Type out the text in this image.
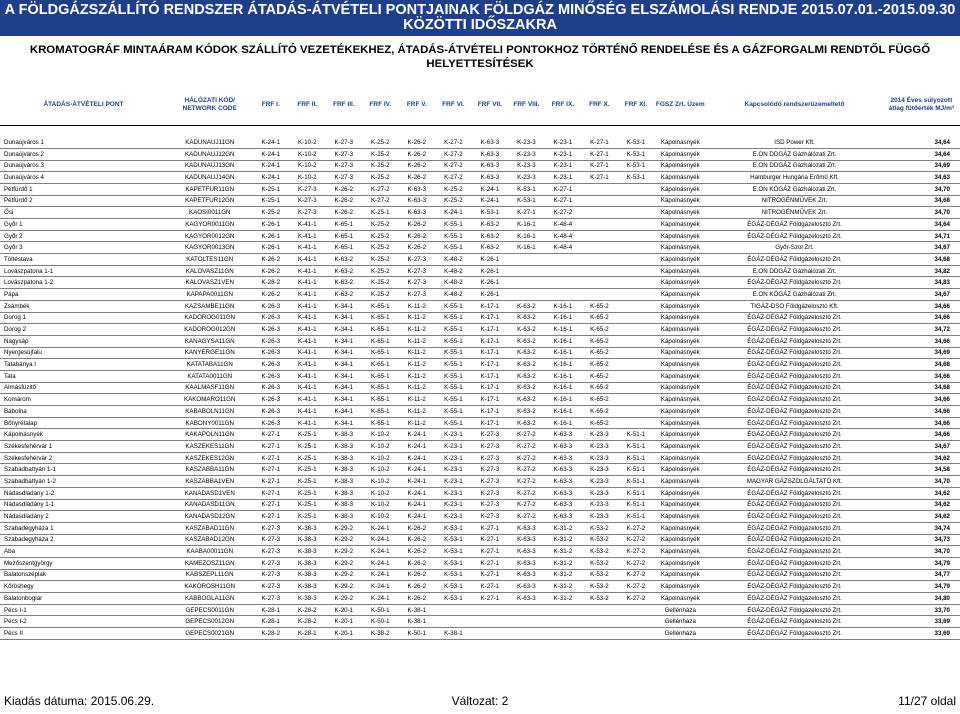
A FÖLDGÁZSZÁLLÍTÓ RENDSZER ÁTADÁS-ÁTVÉTELI PONTJAINAK FÖLDGÁZ MINŐSÉG ELSZÁMOLÁSI RENDJE 2015.07.01.-2015.09.30
KÖZÖTTI IDŐSZAKRA
KROMATOGRÁF MINTAÁRAM KÓDOK SZÁLLÍTÓ VEZETÉKEKHEZ, ÁTADÁS-ÁTVÉTELI PONTOKHOZ TÖRTÉNŐ RENDELÉSE ÉS A GÁZFORGALMI RENDTŐL FÜGGŐ
HELYETTESÍTÉSEK
ÁTADÁS-ÁTVÉTELI PONT	HÁLÓZATI KÓD/ NETWORK CODE	FRF I.	FRF II.	FRF III.	FRF IV.	FRF V.	FRF VI.	FRF VII.	FRF VIII.	FRF IX.	FRF X.	FRF XI.	FGSZ Zrt. Üzem	Kapcsolódó rendszerüzemeltető	2014 Éves súlyozott átlag fűtőérték MJ/m³

Dunaújváros 1	KADUNAUJ11GN	K-24-1	K-10-2	K-27-3	K-25-2	K-26-2	K-27-2	K-63-3	K-23-3	K-23-1	K-27-1	K-53-1	Kápolnásnyék	ISD Power Kft.	34,64
Dunaújváros 2	KADUNAUJ12GN	K-24-1	K-10-2	K-27-3	K-25-2	K-26-2	K-27-2	K-63-3	K-23-3	K-23-1	K-27-1	K-53-1	Kápolnásnyék	E.ON DDGÁZ Gázhálózati Zrt.	34,64
Dunaújváros 3	KADUNAUJ13GN	K-24-1	K-10-2	K-27-3	K-25-2	K-26-2	K-27-2	K-63-3	K-23-3	K-23-1	K-27-1	K-53-1	Kápolnásnyék	E.ON DDGÁZ Gázhálózati Zrt.	34,69
Dunaújváros 4	KADUNAUJ14GN	K-24-1	K-10-2	K-27-3	K-25-2	K-26-2	K-27-2	K-63-3	K-23-3	K-23-1	K-27-1	K-53-1	Kápolnásnyék	Hamburger Hungária Erőmű Kft.	34,63
Pétfürdő 1	KAPETFUR11GN	K-25-1	K-27-3	K-26-2	K-27-2	K-63-3	K-25-2	K-24-1	K-53-1	K-27-1			Kápolnásnyék	E.ON KÖGÁZ Gázhálózati Zrt.	34,70
Pétfürdő 2	KAPETFUR12GN	K-25-1	K-27-3	K-26-2	K-27-2	K-63-3	K-25-2	K-24-1	K-53-1	K-27-1			Kápolnásnyék	NITROGÉNMŰVEK Zrt.	34,68
Ősi	KAOSI0011GN	K-25-2	K-27-3	K-26-2	K-25-1	K-63-3	K-24-1	K-53-1	K-27-1	K-27-2			Kápolnásnyék	NITROGÉNMŰVEK Zrt.	34,70
Győr 1	KAGYOR0011GN	K-26-1	K-41-1	K-65-1	K-25-2	K-26-2	K-55-1	K-63-2	K-16-1	K-48-4			Kápolnásnyék	ÉGÁZ-DÉGÁZ Földgázelosztó Zrt.	34,64
Győr 2	KAGYOR0012GN	K-26-1	K-41-1	K-65-1	K-25-2	K-26-2	K-55-1	K-63-2	K-16-1	K-48-4			Kápolnásnyék	ÉGÁZ-DÉGÁZ Földgázelosztó Zrt.	34,71
Győr 3	KAGYOR0013GN	K-26-1	K-41-1	K-65-1	K-25-2	K-26-2	K-55-1	K-63-2	K-16-1	K-48-4			Kápolnásnyék	Győr-Szol Zrt.	34,67
Töltéstava	KATOLTES11GN	K-26-2	K-41-1	K-63-2	K-25-2	K-27-3	K-48-2	K-26-1					Kápolnásnyék	ÉGÁZ-DÉGÁZ Földgázelosztó Zrt.	34,68
Lovászpatona 1-1	KALOVASZ11GN	K-26-2	K-41-1	K-63-2	K-25-2	K-27-3	K-48-2	K-26-1					Kápolnásnyék	E.ON DDGÁZ Gázhálózati Zrt.	34,82
Lovászpatona 1-2	KALOVASZ1VEN	K-28-2	K-41-1	K-63-2	K-25-2	K-27-3	K-48-2	K-26-1					Kápolnásnyék	ÉGÁZ-DÉGÁZ Földgázelosztó Zrt.	34,83
Pápa	KAPAPA0011GN	K-26-2	K-41-1	K-63-2	K-25-2	K-27-3	K-48-2	K-26-1					Kápolnásnyék	E.ON KÖGÁZ Gázhálózati Zrt.	34,67
Zsámbék	KAZSAMBE11GN	K-26-3	K-41-1	K-34-1	K-65-1	K-11-2	K-55-1	K-17-1	K-63-2	K-16-1	K-65-2		Kápolnásnyék	TIGÁZ-DSO Földgázelosztó Kft.	34,66
Dorog 1	KADOROG011GN	K-26-3	K-41-1	K-34-1	K-65-1	K-11-2	K-55-1	K-17-1	K-63-2	K-16-1	K-65-2		Kápolnásnyék	ÉGÁZ-DÉGÁZ Földgázelosztó Zrt.	34,66
Dorog 2	KADOROG012GN	K-26-3	K-41-1	K-34-1	K-65-1	K-11-2	K-55-1	K-17-1	K-63-2	K-16-1	K-65-2		Kápolnásnyék	ÉGÁZ-DÉGÁZ Földgázelosztó Zrt.	34,72
Nagysáp	KANAGYSA11GN	K-26-3	K-41-1	K-34-1	K-65-1	K-11-2	K-55-1	K-17-1	K-63-2	K-16-1	K-65-2		Kápolnásnyék	ÉGÁZ-DÉGÁZ Földgázelosztó Zrt.	34,66
Nyergesújfalu	KANYERGE11GN	K-26-3	K-41-1	K-34-1	K-65-1	K-11-2	K-55-1	K-17-1	K-63-2	K-16-1	K-65-2		Kápolnásnyék	ÉGÁZ-DÉGÁZ Földgázelosztó Zrt.	34,69
Tatabánya I	KATATABA11GN	K-26-3	K-41-1	K-34-1	K-65-1	K-11-2	K-55-1	K-17-1	K-63-2	K-16-1	K-65-2		Kápolnásnyék	ÉGÁZ-DÉGÁZ Földgázelosztó Zrt.	34,68
Tata	KATATA0011GN	K-26-3	K-41-1	K-34-1	K-65-1	K-11-2	K-55-1	K-17-1	K-63-2	K-16-1	K-65-2		Kápolnásnyék	ÉGÁZ-DÉGÁZ Földgázelosztó Zrt.	34,66
Almásfüzitő	KAALMASF11GN	K-26-3	K-41-1	K-34-1	K-65-1	K-11-2	K-55-1	K-17-1	K-63-2	K-16-1	K-65-2		Kápolnásnyék	ÉGÁZ-DÉGÁZ Földgázelosztó Zrt.	34,68
Komárom	KAKOMARO11GN	K-26-3	K-41-1	K-34-1	K-65-1	K-11-2	K-55-1	K-17-1	K-63-2	K-16-1	K-65-2		Kápolnásnyék	ÉGÁZ-DÉGÁZ Földgázelosztó Zrt.	34,66
Bábolna	KABABOLN11GN	K-26-3	K-41-1	K-34-1	K-65-1	K-11-2	K-55-1	K-17-1	K-63-2	K-16-1	K-65-2		Kápolnásnyék	ÉGÁZ-DÉGÁZ Földgázelosztó Zrt.	34,66
Bőnyrétalap	KABONY0011GN	K-26-3	K-41-1	K-34-1	K-65-1	K-11-2	K-55-1	K-17-1	K-63-2	K-16-1	K-65-2		Kápolnásnyék	ÉGÁZ-DÉGÁZ Földgázelosztó Zrt.	34,66
Kápolnásnyék	KAKAPOLN11GN	K-27-1	K-25-1	K-38-3	K-10-2	K-24-1	K-23-1	K-27-3	K-27-2	K-63-3	K-23-3	K-51-1	Kápolnásnyék	ÉGÁZ-DÉGÁZ Földgázelosztó Zrt.	34,66
Székesfehérvár 1	KASZEKES11GN	K-27-1	K-25-1	K-38-3	K-10-2	K-24-1	K-23-1	K-27-3	K-27-2	K-63-3	K-23-3	K-51-1	Kápolnásnyék	ÉGÁZ-DÉGÁZ Földgázelosztó Zrt.	34,67
Székesfehérvár 2	KASZEKES12GN	K-27-1	K-25-1	K-38-3	K-10-2	K-24-1	K-23-1	K-27-3	K-27-2	K-63-3	K-23-3	K-51-1	Kápolnásnyék	ÉGÁZ-DÉGÁZ Földgázelosztó Zrt.	34,62
Szabadbattyán 1-1	KASZABBA11GN	K-27-1	K-25-1	K-38-3	K-10-2	K-24-1	K-23-1	K-27-3	K-27-2	K-63-3	K-23-3	K-51-1	Kápolnásnyék	ÉGÁZ-DÉGÁZ Földgázelosztó Zrt.	34,58
Szabadbattyán 1-2	KASZABBA1VEN	K-27-1	K-25-1	K-38-3	K-10-2	K-24-1	K-23-1	K-27-3	K-27-2	K-63-3	K-23-3	K-51-1	Kápolnásnyék	MAGYAR GÁZSZOLGÁLTATÓ Kft.	34,70
Nádasdladány 1-2	KANADASD1VEN	K-27-1	K-25-1	K-38-3	K-10-2	K-24-1	K-23-1	K-27-3	K-27-2	K-63-3	K-23-3	K-51-1	Kápolnásnyék	ÉGÁZ-DÉGÁZ Földgázelosztó Zrt.	34,62
Nádasdladány 1-1	KANADASD11GN	K-27-1	K-25-1	K-38-3	K-10-2	K-24-1	K-23-1	K-27-3	K-27-2	K-63-3	K-23-3	K-51-1	Kápolnásnyék	ÉGÁZ-DÉGÁZ Földgázelosztó Zrt.	34,62
Nádasdladány 2	KANADASD12GN	K-27-1	K-25-1	K-38-3	K-10-2	K-24-1	K-23-1	K-27-3	K-27-2	K-63-3	K-23-3	K-51-1	Kápolnásnyék	ÉGÁZ-DÉGÁZ Földgázelosztó Zrt.	34,62
Szabadegyháza 1	KASZABAD11GN	K-27-3	K-38-3	K-29-2	K-24-1	K-26-2	K-53-1	K-27-1	K-63-3	K-31-2	K-53-2	K-27-2	Kápolnásnyék	ÉGÁZ-DÉGÁZ Földgázelosztó Zrt.	34,74
Szabadegyháza 2	KASZABAD12GN	K-27-3	K-38-3	K-29-2	K-24-1	K-26-2	K-53-1	K-27-1	K-63-3	K-31-2	K-53-2	K-27-2	Kápolnásnyék	ÉGÁZ-DÉGÁZ Földgázelosztó Zrt.	34,73
Aba	KAABA00011GN	K-27-3	K-38-3	K-29-2	K-24-1	K-26-2	K-53-1	K-27-1	K-63-3	K-31-2	K-53-2	K-27-2	Kápolnásnyék	ÉGÁZ-DÉGÁZ Földgázelosztó Zrt.	34,70
Mezőszentgyörgy	KAMEZOSZ11GN	K-27-3	K-38-3	K-29-2	K-24-1	K-26-2	K-53-1	K-27-1	K-63-3	K-31-2	K-53-2	K-27-2	Kápolnásnyék	ÉGÁZ-DÉGÁZ Földgázelosztó Zrt.	34,79
Balatonszéplak	KABSZEPL11GN	K-27-3	K-38-3	K-29-2	K-24-1	K-26-2	K-53-1	K-27-1	K-63-3	K-31-2	K-53-2	K-27-2	Kápolnásnyék	ÉGÁZ-DÉGÁZ Földgázelosztó Zrt.	34,77
Kőröshegy	KAKOROSH11GN	K-27-3	K-38-3	K-29-2	K-24-1	K-26-2	K-53-1	K-27-1	K-63-3	K-31-2	K-53-2	K-27-2	Kápolnásnyék	ÉGÁZ-DÉGÁZ Földgázelosztó Zrt.	34,79
Balatonboglár	KABBOGLA11GN	K-27-3	K-38-3	K-29-2	K-24-1	K-26-2	K-53-1	K-27-1	K-63-3	K-31-2	K-53-2	K-27-2	Kápolnásnyék	ÉGÁZ-DÉGÁZ Földgázelosztó Zrt.	34,80
Pécs I-1	GEPECS0011GN	K-28-1	K-28-2	K-20-1	K-50-1	K-38-1							Gellénháza	ÉGÁZ-DÉGÁZ Földgázelosztó Zrt.	33,70
Pécs I-2	GEPECS0012GN	K-28-1	K-28-2	K-20-1	K-50-1	K-38-1							Gellénháza	ÉGÁZ-DÉGÁZ Földgázelosztó Zrt.	33,69
Pécs II	GEPECS0021GN	K-28-2	K-28-1	K-20-1	K-38-2	K-50-1	K-38-1						Gellénháza	ÉGÁZ-DÉGÁZ Földgázelosztó Zrt.	33,69
Kiadás dátuma: 2015.06.29.	Változat: 2	11/27 oldal
